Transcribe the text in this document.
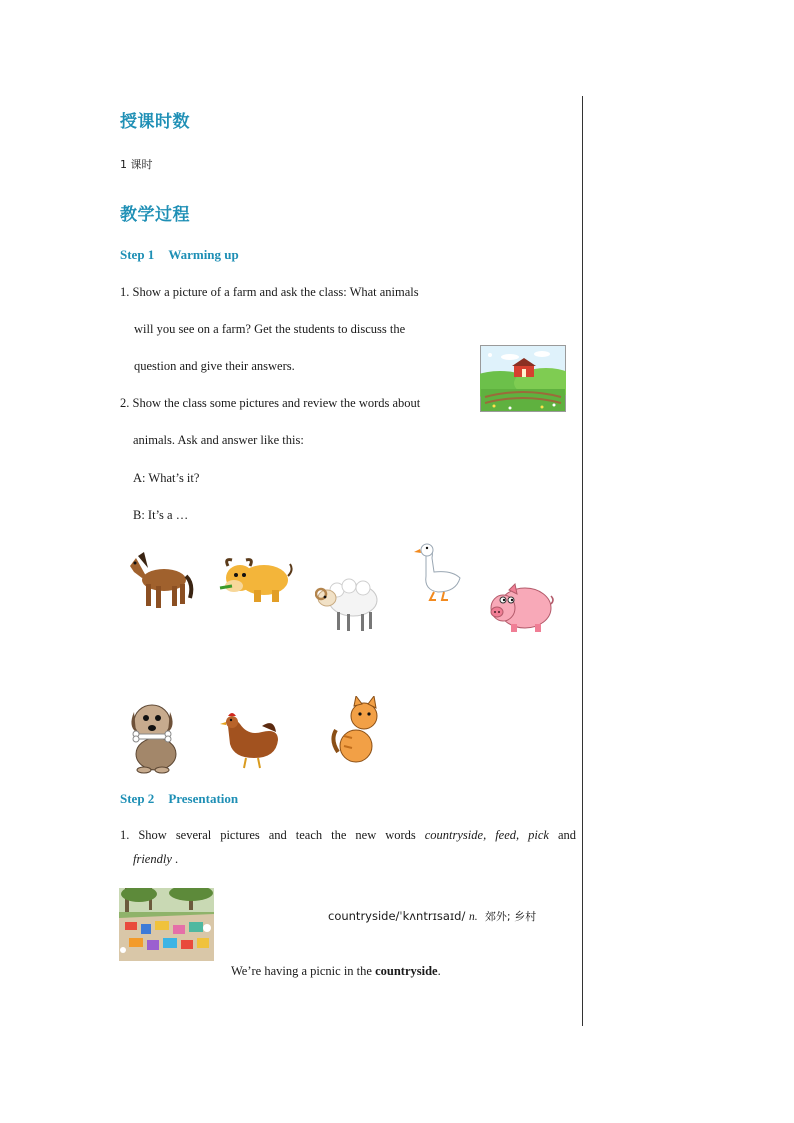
授课时数
1 课时
教学过程
Step 1 Warming up
1. Show a picture of a farm and ask the class: What animals
will you see on a farm? Get the students to discuss the
question and give their answers.
2. Show the class some pictures and review the words about
animals. Ask and answer like this:
A: What’s it?
B: It’s a …
Step 2 Presentation
1. Show several pictures and teach the new words countryside, feed, pick and
friendly .
countryside/ˈkʌntrɪsaɪd/ n. 郊外; 乡村
We’re having a picnic in the countryside.
